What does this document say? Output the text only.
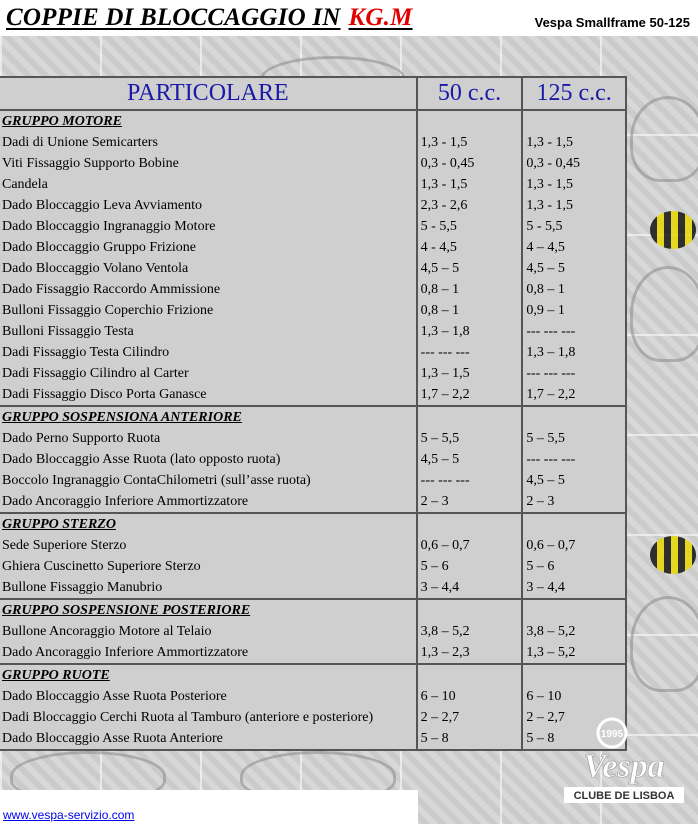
COPPIE DI BLOCCAGGIO IN KG.M	Vespa Smallframe 50-125
PARTICOLARE	50 c.c.	125 c.c.
GRUPPO MOTORE		
Dadi di Unione Semicarters	1,3 - 1,5	1,3 - 1,5
Viti Fissaggio Supporto Bobine	0,3 - 0,45	0,3 - 0,45
Candela	1,3 - 1,5	1,3 - 1,5
Dado Bloccaggio Leva Avviamento	2,3 - 2,6	1,3 - 1,5
Dado Bloccaggio Ingranaggio Motore	5 - 5,5	5 - 5,5
Dado Bloccaggio Gruppo Frizione	4 - 4,5	4 – 4,5
Dado Bloccaggio Volano Ventola	4,5 – 5	4,5 – 5
Dado Fissaggio Raccordo Ammissione	0,8 – 1	0,8 – 1
Bulloni Fissaggio Coperchio Frizione	0,8 – 1	0,9 – 1
Bulloni Fissaggio Testa	1,3 – 1,8	--- --- ---
Dadi Fissaggio Testa Cilindro	--- --- ---	1,3 – 1,8
Dadi Fissaggio Cilindro al Carter	1,3 – 1,5	--- --- ---
Dadi Fissaggio Disco Porta Ganasce	1,7 – 2,2	1,7 – 2,2
GRUPPO SOSPENSIONA ANTERIORE		
Dado Perno Supporto Ruota	5 – 5,5	5 – 5,5
Dado Bloccaggio Asse Ruota (lato opposto ruota)	4,5 – 5	--- --- ---
Boccolo Ingranaggio ContaChilometri (sull’asse ruota)	--- --- ---	4,5 – 5
Dado Ancoraggio Inferiore Ammortizzatore	2 – 3	2 – 3
GRUPPO STERZO		
Sede Superiore Sterzo	0,6 – 0,7	0,6 – 0,7
Ghiera Cuscinetto Superiore Sterzo	5 – 6	5 – 6
Bullone Fissaggio Manubrio	3 – 4,4	3 – 4,4
GRUPPO SOSPENSIONE POSTERIORE		
Bullone Ancoraggio Motore al Telaio	3,8 – 5,2	3,8 – 5,2
Dado Ancoraggio Inferiore Ammortizzatore	1,3 – 2,3	1,3 – 5,2
GRUPPO RUOTE		
Dado Bloccaggio Asse Ruota Posteriore	6 – 10	6 – 10
Dadi Bloccaggio Cerchi Ruota al Tamburo (anteriore e posteriore)	2 – 2,7	2 – 2,7
Dado Bloccaggio Asse Ruota Anteriore	5 – 8	5 – 8
www.vespa-servizio.com
1995
Vespa
CLUBE DE LISBOA
